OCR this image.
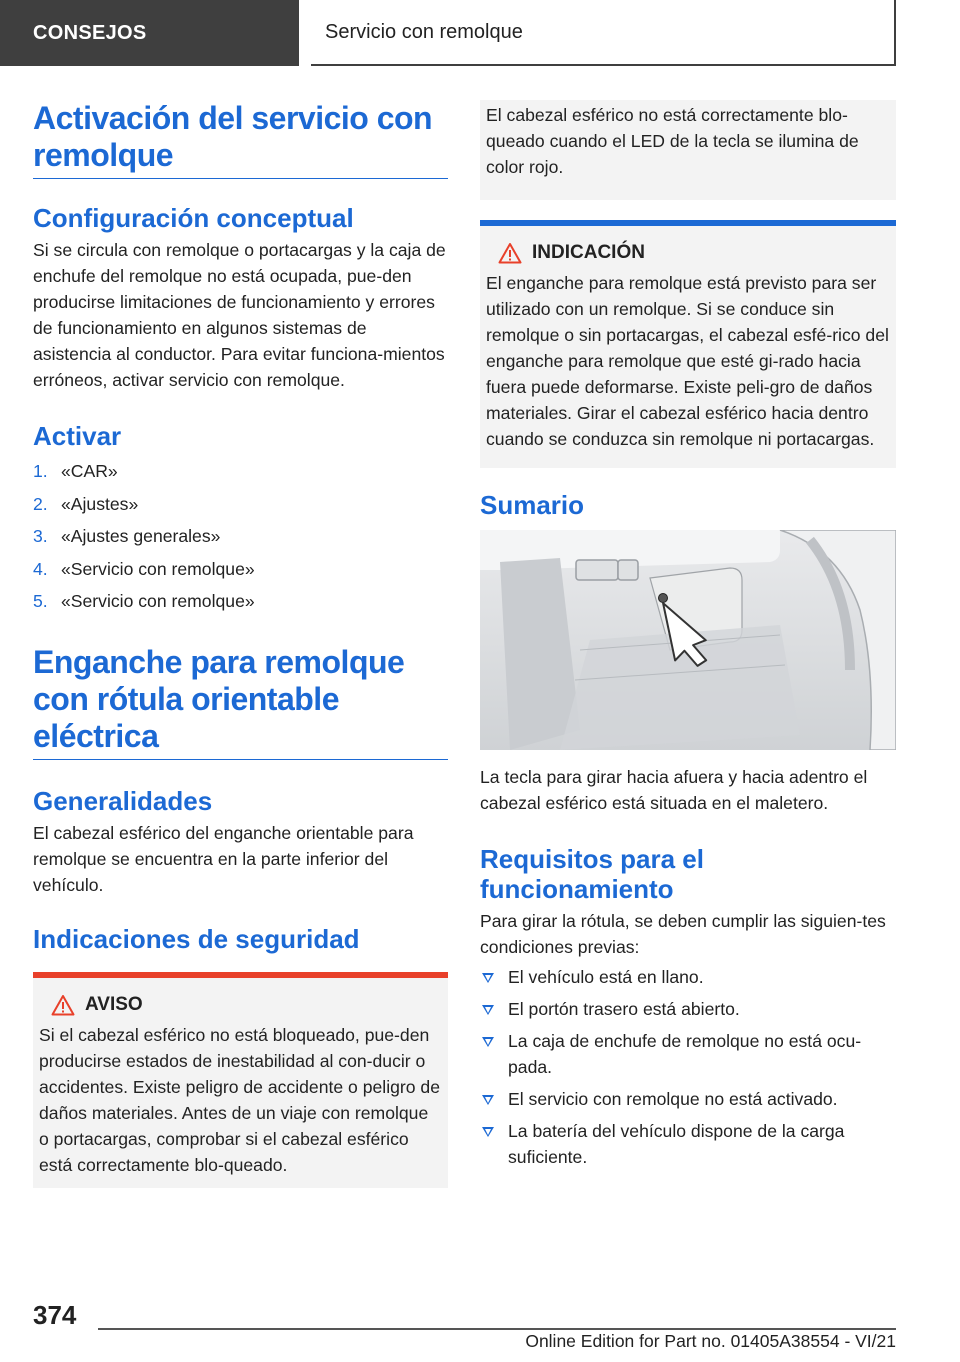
CONSEJOS	Servicio con remolque
Activación del servicio con remolque
Configuración conceptual

Si se circula con remolque o portacargas y la caja de enchufe del remolque no está ocupada, pue‐den producirse limitaciones de funcionamiento y errores de funcionamiento en algunos sistemas de asistencia al conductor. Para evitar funciona‐mientos erróneos, activar servicio con remolque.

Activar
1. «CAR»
2. «Ajustes»
3. «Ajustes generales»
4. «Servicio con remolque»
5. «Servicio con remolque»
Enganche para remolque con rótula orientable eléctrica
Generalidades

El cabezal esférico del enganche orientable para remolque se encuentra en la parte inferior del vehículo.

Indicaciones de seguridad
AVISO

Si el cabezal esférico no está bloqueado, pue‐den producirse estados de inestabilidad al con‐ducir o accidentes. Existe peligro de accidente o peligro de daños materiales. Antes de un viaje con remolque o portacargas, comprobar si el cabezal esférico está correctamente blo‐queado.

El cabezal esférico no está correctamente blo‐queado cuando el LED de la tecla se ilumina de color rojo.

INDICACIÓN

El enganche para remolque está previsto para ser utilizado con un remolque. Si se conduce sin remolque o sin portacargas, el cabezal esfé‐rico del enganche para remolque que esté gi‐rado hacia fuera puede deformarse. Existe peli‐gro de daños materiales. Girar el cabezal esférico hacia dentro cuando se conduzca sin remolque ni portacargas.

Sumario

La tecla para girar hacia afuera y hacia adentro el cabezal esférico está situada en el maletero.

Requisitos para el funcionamiento

Para girar la rótula, se deben cumplir las siguien‐tes condiciones previas:

El vehículo está en llano.
El portón trasero está abierto.
La caja de enchufe de remolque no está ocu‐pada.
El servicio con remolque no está activado.
La batería del vehículo dispone de la carga suficiente.
374
Online Edition for Part no. 01405A38554 - VI/21
